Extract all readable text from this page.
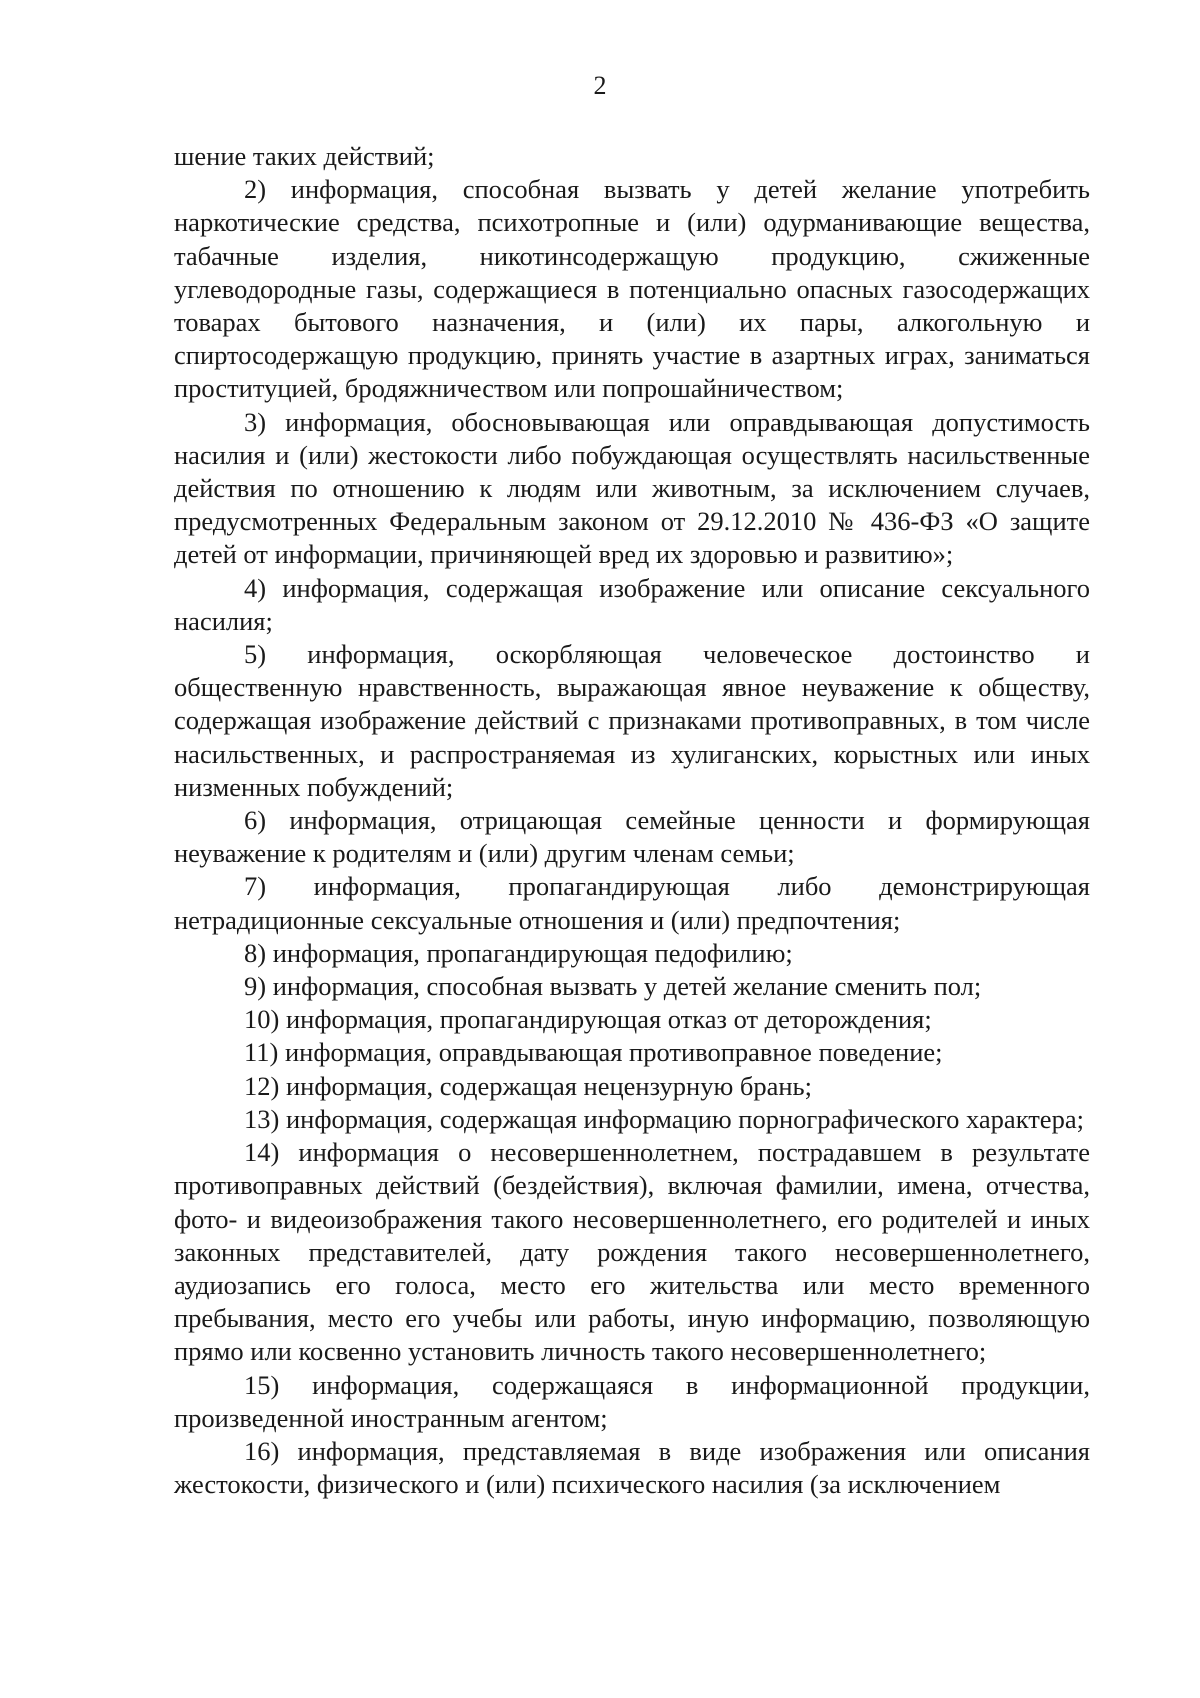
2

шение таких действий;

2) информация, способная вызвать у детей желание употребить наркотические средства, психотропные и (или) одурманивающие вещества, табачные изделия, никотинсодержащую продукцию, сжиженные углеводородные газы, содержащиеся в потенциально опасных газосодержащих товарах бытового назначения, и (или) их пары, алкогольную и спиртосодержащую продукцию, принять участие в азартных играх, заниматься проституцией, бродяжничеством или попрошайничеством;

3) информация, обосновывающая или оправдывающая допустимость насилия и (или) жестокости либо побуждающая осуществлять насильственные действия по отношению к людям или животным, за исключением случаев, предусмотренных Федеральным законом от 29.12.2010 № 436-ФЗ «О защите детей от информации, причиняющей вред их здоровью и развитию»;

4) информация, содержащая изображение или описание сексуального насилия;

5) информация, оскорбляющая человеческое достоинство и общественную нравственность, выражающая явное неуважение к обществу, содержащая изображение действий с признаками противоправных, в том числе насильственных, и распространяемая из хулиганских, корыстных или иных низменных побуждений;

6) информация, отрицающая семейные ценности и формирующая неуважение к родителям и (или) другим членам семьи;

7) информация, пропагандирующая либо демонстрирующая нетрадиционные сексуальные отношения и (или) предпочтения;

8) информация, пропагандирующая педофилию;

9) информация, способная вызвать у детей желание сменить пол;

10) информация, пропагандирующая отказ от деторождения;

11) информация, оправдывающая противоправное поведение;

12) информация, содержащая нецензурную брань;

13) информация, содержащая информацию порнографического характера;

14) информация о несовершеннолетнем, пострадавшем в результате противоправных действий (бездействия), включая фамилии, имена, отчества, фото- и видеоизображения такого несовершеннолетнего, его родителей и иных законных представителей, дату рождения такого несовершеннолетнего, аудиозапись его голоса, место его жительства или место временного пребывания, место его учебы или работы, иную информацию, позволяющую прямо или косвенно установить личность такого несовершеннолетнего;

15) информация, содержащаяся в информационной продукции, произведенной иностранным агентом;

16) информация, представляемая в виде изображения или описания жестокости, физического и (или) психического насилия (за исключением
